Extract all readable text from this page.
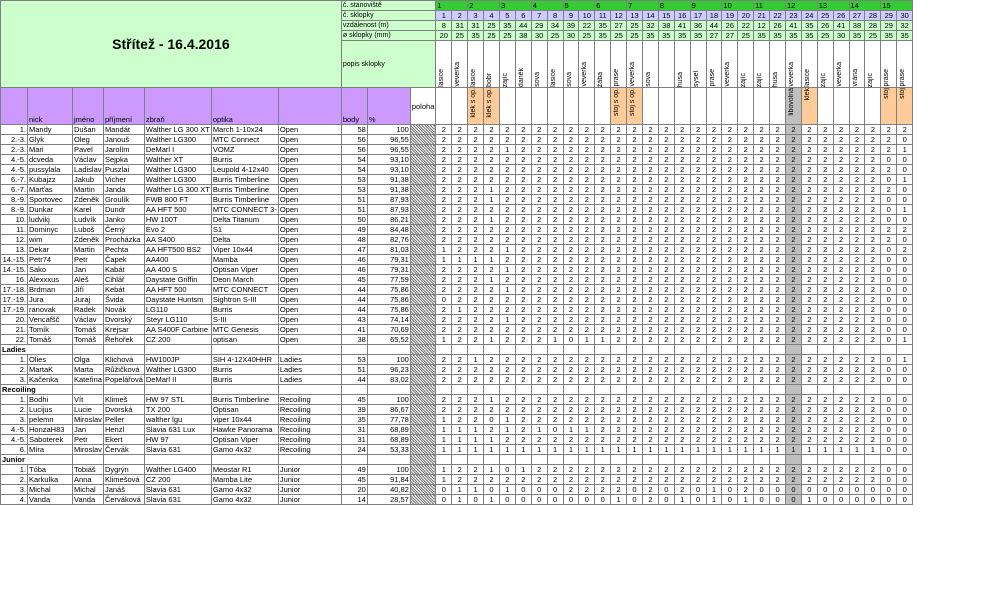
Střítež - 16.4.2016							č. stanoviště			1		2		3		4		5		6		7		8		9		10		11		12		13		14		15	
							č. sklopky			1	2	3	4	5	6	7	8	9	10	11	12	13	14	15	16	17	18	19	20	21	22	23	24	25	26	27	28	29	30
							vzdálenost (m)			8	31	31	25	35	44	29	34	39	22	35	27	25	32	38	41	36	44	26	22	12	26	41	35	26	41	38	28	29	32
							ø sklopky (mm)			20	25	35	25	25	38	30	25	30	25	35	25	25	35	35	35	35	27	27	25	35	35	35	35	25	30	35	25	35	35
							popis sklopky			lasice	veverka	lasice	bobr	zajíc	daněk	sova	lasice	sova	veverka	žába	prase	veverka	sova		husa	sysel	prase	veverka	zajíc	zajíc	husa	veverka	lasice	zajíc	veverka	vrána	zajíc	prase	prase

	nick	jméno	příjmení	zbraň	optika		body	%	poloha			klek s op.	klek s op.								stoj s op.	stoj s op.										libovolná	klek					stoj	stoj

1.	Mandy	Dušan	Mandát	Walther LG 300 XT	March 1-10x24	Open	58	100		2	2	2	2	2	2	2	2	2	2	2	2	2	2	2	2	2	2	2	2	2	2	2	2	2	2	2	2	2	2
2.-3.	Glyk	Oleg	Janouš	Walther LG300	MTC Connect	Open	56	96,55		2	2	2	2	2	2	2	2	2	2	2	2	2	2	2	2	2	2	2	2	2	2	2	2	2	2	2	2	2	0
2.-3.	Mari	Pavel	Jarolím	DeMarl I	VOMZ	Open	56	96,55		2	2	2	2	1	2	2	2	2	2	2	2	2	2	2	2	2	2	2	2	2	2	2	2	2	2	2	2	2	1
4.-5.	dcveda	Václav	Sejpka	Walther XT	Burris	Open	54	93,10		2	2	2	2	2	2	2	2	2	2	2	2	2	2	2	2	2	2	2	2	2	2	2	2	2	2	2	2	0	0
4.-5.	pussylala	Ladislav	Puszlai	Walther LG300	Leupold 4-12x40	Open	54	93,10		2	2	2	2	2	2	2	2	2	2	2	2	2	2	2	2	2	2	2	2	2	2	2	2	2	2	2	2	2	0
6.-7.	Kubajzz	Jakub	Vicher	Walther LG300	Burris Timberline	Open	53	91,38		2	2	2	2	2	2	2	2	2	2	2	2	2	2	2	2	2	2	2	2	2	2	2	2	2	2	2	2	0	1
6.-7.	Marťas	Martin	Janda	Walther LG 300 XT	Burris Timberline	Open	53	91,38		2	2	2	1	2	2	2	2	2	2	2	2	2	2	2	2	2	2	2	2	2	2	2	2	2	2	2	2	2	0
8.-9.	Sportovec	Zdeněk	Groulík	FWB 800 FT	Burris Timberline	Open	51	87,93		2	2	2	1	2	2	2	2	2	2	2	2	2	2	2	2	2	2	2	2	2	2	2	2	2	2	2	2	0	0
8.-9.	Dunkar	Karel	Dundr	AA HFT 500	MTC CONNECT 3-	Open	51	87,93		2	2	2	2	2	2	2	2	2	2	2	2	2	2	2	2	2	2	2	2	2	2	2	2	2	2	2	2	0	1
10.	ludvikj	Ludvík	Janko	HW 100T	Delta Titanum	Open	50	86,21		2	2	2	1	2	2	2	2	2	2	2	2	2	2	2	2	2	2	2	2	2	2	2	2	2	2	2	2	0	0
11.	Dominyc	Luboš	Černý	Evo 2	S1	Open	49	84,48		2	2	2	2	2	2	2	2	2	2	2	2	2	2	2	2	2	2	2	2	2	2	2	2	2	2	2	2	2	2
12.	wim	Zdeněk	Procházka	AA S400	Delta	Open	48	82,76		2	2	2	2	2	2	2	2	2	2	2	2	2	2	2	2	2	2	2	2	2	2	2	2	2	2	2	2	2	0
13.	Dekar	Martin	Pechta	AA HFT500 BS2	Viper 10x44	Open	47	81,03		1	2	2	2	1	2	2	2	2	2	2	2	2	2	2	2	2	2	2	2	2	2	2	2	2	2	2	2	0	2
14.-15.	Petr74	Petr	Čapek	AA400	Mamba	Open	46	79,31		1	1	1	1	2	2	2	2	2	2	2	2	2	2	2	2	2	2	2	2	2	2	2	2	2	2	2	2	0	0
14.-15.	Sako	Jan	Kabát	AA 400 S	Optisan Viper	Open	46	79,31		2	2	2	2	1	2	2	2	2	2	2	2	2	2	2	2	2	2	2	2	2	2	2	2	2	2	2	2	0	0
16.	Alexxxus	Aleš	Cihlář	Daystate Griffin	Deon March	Open	45	77,59		2	2	2	1	2	2	2	2	2	2	2	2	2	2	2	2	2	2	2	2	2	2	2	2	2	2	2	2	0	0
17.-18.	Brdman	Jiří	Kebát	AA HFT 500	MTC CONNECT	Open	44	75,86		2	2	2	2	1	2	2	2	2	2	2	2	2	2	2	2	2	2	2	2	2	2	2	2	2	2	2	2	0	0
17.-19.	Jura	Juraj	Švida	Daystate Huntsm	Sightron S-III	Open	44	75,86		0	2	2	2	2	2	2	2	2	2	2	2	2	2	2	2	2	2	2	2	2	2	2	2	2	2	2	2	0	0
17.-19.	ranovak	Radek	Novák	LG110	Burris	Open	44	75,86		2	1	2	2	2	2	2	2	2	2	2	2	2	2	2	2	2	2	2	2	2	2	2	2	2	2	2	2	0	0
20.	Vencafšč	Václav	Dvorský	Steyr LG110	S-III	Open	43	74,14		2	2	2	2	1	2	2	2	2	2	2	2	2	2	2	2	2	2	2	2	2	2	2	2	2	2	2	2	0	0
21.	Tomík	Tomáš	Krejsar	AA S400F Carbine	MTC Genesis	Open	41	70,69		2	2	2	2	2	2	2	2	2	2	2	2	2	2	2	2	2	2	2	2	2	2	2	2	2	2	2	2	0	0
22.	Tomáš	Tomáš	Řehořek	CZ 200	optisan	Open	38	65,52		1	2	2	1	2	2	2	1	0	1	1	2	2	2	2	2	2	2	2	2	2	2	2	2	2	2	2	2	0	1
Ladies																																							
1.	Olies	Olga	Klichová	HW100JP	SIH 4-12X40HHR	Ladies	53	100		2	2	1	2	2	2	2	2	2	2	2	2	2	2	2	2	2	2	2	2	2	2	2	2	2	2	2	2	0	1
2.	MartaK	Marta	Růžičková	Walther LG300	Burris	Ladies	51	96,23		2	2	2	2	2	2	2	2	2	2	2	2	2	2	2	2	2	2	2	2	2	2	2	2	2	2	2	2	0	0
3.	Kačenka	Kateřina	Popelářová	DeMarl II	Burris	Ladies	44	83,02		2	2	2	2	2	2	2	2	2	2	2	2	2	2	2	2	2	2	2	2	2	2	2	2	2	2	2	2	0	0
Recoiling																																							
1.	Bodhi	Vít	Klimeš	HW 97 STL	Burris Timberline	Recoiling	45	100		2	2	2	1	2	2	2	2	2	2	2	2	2	2	2	2	2	2	2	2	2	2	2	2	2	2	2	2	0	0
2.	Lucijus	Lucie	Dvorská	TX 200	Optisan	Recoiling	39	86,67		2	2	2	2	2	2	2	2	2	2	2	2	2	2	2	2	2	2	2	2	2	2	2	2	2	2	2	2	0	0
3.	pelemn	Miroslav	Peller	walther lgu	viper 10x44	Recoiling	35	77,78		1	2	2	0	1	2	2	2	2	2	2	2	2	2	2	2	2	2	2	2	2	2	2	2	2	2	2	2	0	0
4.-5.	HonzaH83	Jan	Henzl	Slavia 631 Lux	Hawke Panorama	Recoiling	31	68,89		1	1	1	2	1	2	1	0	1	1	2	2	2	2	2	2	2	2	2	2	2	2	2	2	2	2	2	2	0	0
4.-5.	Saboterek	Petr	Ekert	HW 97	Optisan Viper	Recoiling	31	68,89		1	1	1	1	2	2	2	2	2	2	2	2	2	2	2	2	2	2	2	2	2	2	2	2	2	2	2	2	0	0
6.	Míra	Miroslav	Červák	Slavia 631	Gamo 4x32	Recoiling	24	53,33		1	1	1	1	1	1	1	1	1	1	1	1	1	1	1	1	1	1	1	1	1	1	1	1	1	1	1	1	0	0
Junior																																							
1.	Tóba	Tobiáš	Dygrýn	Walther LG400	Meostar R1	Junior	49	100		1	2	2	1	0	1	2	2	2	2	2	2	2	2	2	2	2	2	2	2	2	2	2	2	2	2	2	2	0	0
2.	Karkulka	Anna	Klimešová	CZ 200	Mamba Lite	Junior	45	91,84		1	2	2	2	2	2	2	2	2	2	2	2	2	2	2	2	2	2	2	2	2	2	2	2	2	2	2	2	0	0
3.	Michal	Michal	Janáš	Slavia 631	Gamo 4x32	Junior	20	40,82		0	1	1	0	1	0	0	0	2	2	2	2	0	2	0	2	0	1	0	2	0	0	0	0	0	0	0	0	0	0
4.	Vanda	Vanda	Červáková	Slavia 631	Gamo 4x32	Junior	14	28,57		0	1	0	1	0	0	0	0	0	0	0	1	0	2	0	1	0	1	0	1	0	0	0	1	0	0	0	0	0	0
